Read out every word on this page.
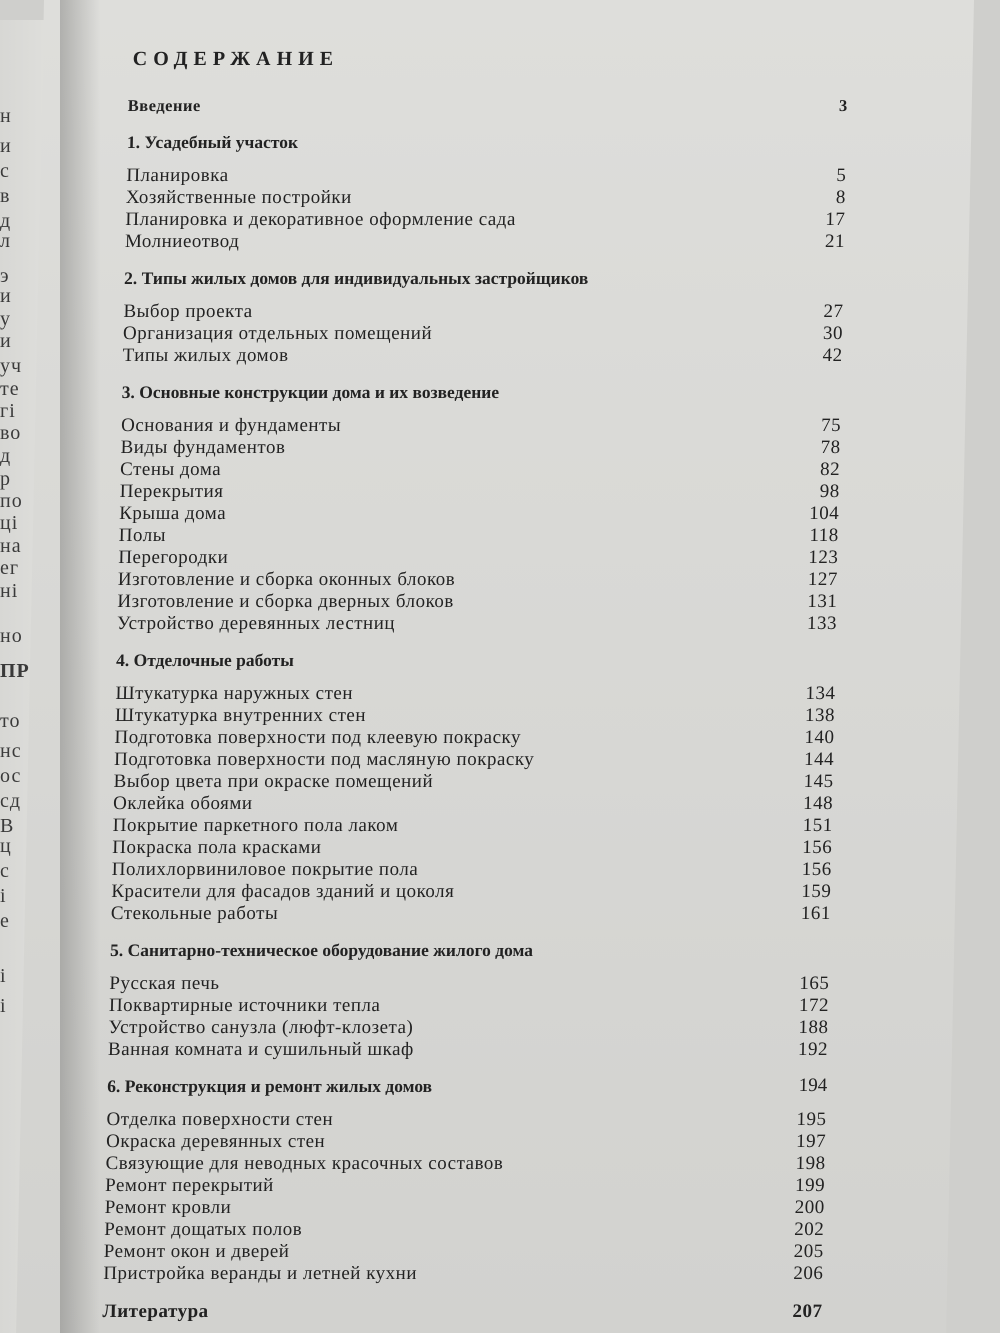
н
и
с
в
д
л
э
и
у
и
уч
те
гі
во
д
р
по
ці
на
ег
ні
но
ПР
то
нс
ос
сд
В
ц
с
і
е
і
і
СОДЕРЖАНИЕ
Введение	3
1. Усадебный участок
Планировка	5
Хозяйственные постройки	8
Планировка и декоративное оформление сада	17
Молниеотвод	21
2. Типы жилых домов для индивидуальных застройщиков
Выбор проекта	27
Организация отдельных помещений	30
Типы жилых домов	42
3. Основные конструкции дома и их возведение
Основания и фундаменты	75
Виды фундаментов	78
Стены дома	82
Перекрытия	98
Крыша дома	104
Полы	118
Перегородки	123
Изготовление и сборка оконных блоков	127
Изготовление и сборка дверных блоков	131
Устройство деревянных лестниц	133
4. Отделочные работы
Штукатурка наружных стен	134
Штукатурка внутренних стен	138
Подготовка поверхности под клеевую покраску	140
Подготовка поверхности под масляную покраску	144
Выбор цвета при окраске помещений	145
Оклейка обоями	148
Покрытие паркетного пола лаком	151
Покраска пола красками	156
Полихлорвиниловое покрытие пола	156
Красители для фасадов зданий и цоколя	159
Стекольные работы	161
5. Санитарно-техническое оборудование жилого дома
Русская печь	165
Поквартирные источники тепла	172
Устройство санузла (люфт-клозета)	188
Ванная комната и сушильный шкаф	192
6. Реконструкция и ремонт жилых домов	194
Отделка поверхности стен	195
Окраска деревянных стен	197
Связующие для неводных красочных составов	198
Ремонт перекрытий	199
Ремонт кровли	200
Ремонт дощатых полов	202
Ремонт окон и дверей	205
Пристройка веранды и летней кухни	206
Литература	207
